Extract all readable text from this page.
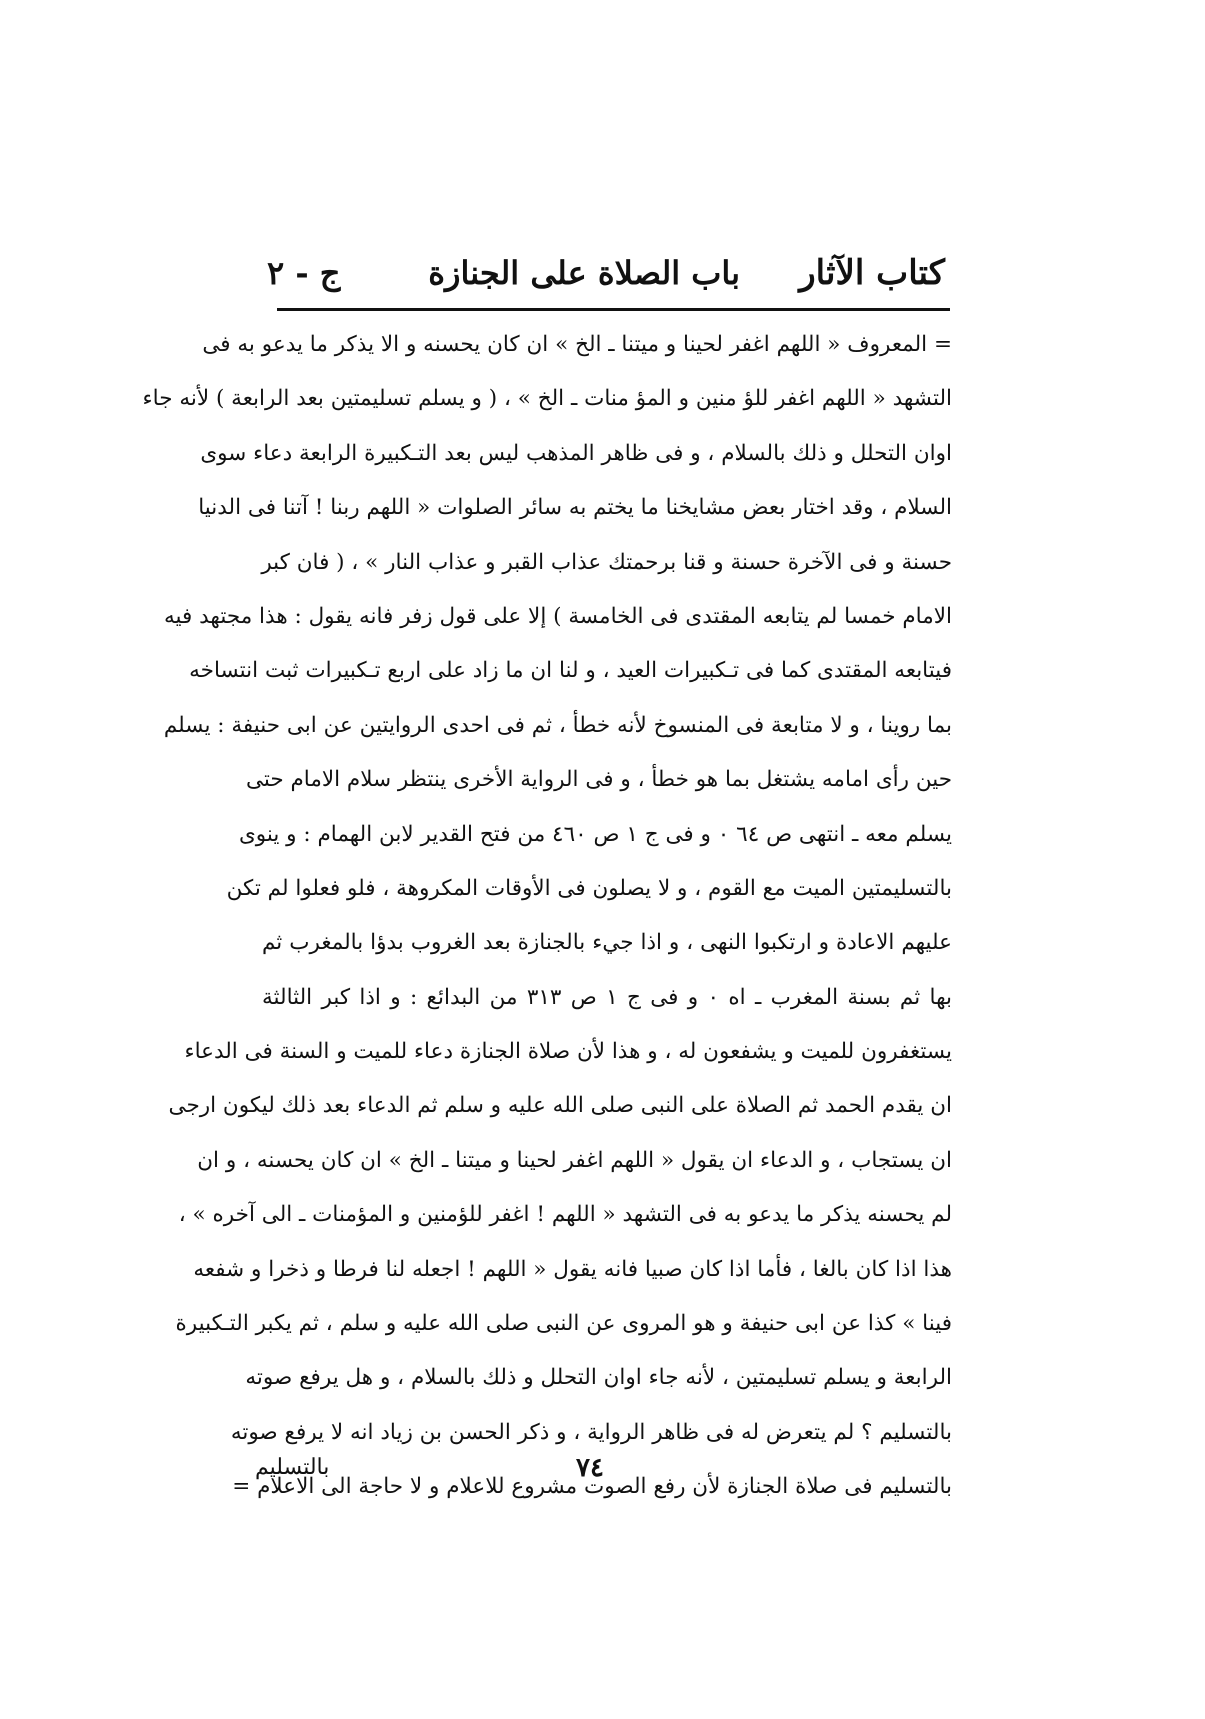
كتاب الآثار
باب الصلاة على الجنازة
ج - ٢
= المعروف « اللهم اغفر لحينا و ميتنا ـ الخ » ان كان يحسنه و الا يذكر ما يدعو به فى
التشهد « اللهم اغفر للؤ منين و المؤ منات ـ الخ » ، ( و يسلم تسليمتين بعد الرابعة ) لأنه جاء
اوان التحلل و ذلك بالسلام ، و فى ظاهر المذهب ليس بعد التـكبيرة الرابعة دعاء سوى
السلام ، وقد اختار بعض مشايخنا ما يختم به سائر الصلوات « اللهم ربنا ! آتنا فى الدنيا
حسنة و فى الآخرة حسنة و قنا برحمتك عذاب القبر و عذاب النار » ، ( فان كبر
الامام خمسا لم يتابعه المقتدى فى الخامسة ) إلا على قول زفر فانه يقول : هذا مجتهد فيه
فيتابعه المقتدى كما فى تـكبيرات العيد ، و لنا ان ما زاد على اربع تـكبيرات ثبت انتساخه
بما روينا ، و لا متابعة فى المنسوخ لأنه خطأ ، ثم فى احدى الروايتين عن ابى حنيفة : يسلم
حين رأى امامه يشتغل بما هو خطأ ، و فى الرواية الأخرى ينتظر سلام الامام حتى
يسلم معه ـ انتهى ص ٦٤ ٠ و فى ج ١ ص ٤٦٠ من فتح القدير لابن الهمام : و ينوى
بالتسليمتين الميت مع القوم ، و لا يصلون فى الأوقات المكروهة ، فلو فعلوا لم تكن
عليهم الاعادة و ارتكبوا النهى ، و اذا جيء بالجنازة بعد الغروب بدؤا بالمغرب ثم
بها ثم بسنة المغرب ـ اه ٠ و فى ج ١ ص ٣١٣ من البدائع : و اذا كبر الثالثة
يستغفرون للميت و يشفعون له ، و هذا لأن صلاة الجنازة دعاء للميت و السنة فى الدعاء
ان يقدم الحمد ثم الصلاة على النبى صلى الله عليه و سلم ثم الدعاء بعد ذلك ليكون ارجى
ان يستجاب ، و الدعاء ان يقول « اللهم اغفر لحينا و ميتنا ـ الخ » ان كان يحسنه ، و ان
لم يحسنه يذكر ما يدعو به فى التشهد « اللهم ! اغفر للؤمنين و المؤمنات ـ الى آخره » ،
هذا اذا كان بالغا ، فأما اذا كان صبيا فانه يقول « اللهم ! اجعله لنا فرطا و ذخرا و شفعه
فينا » كذا عن ابى حنيفة و هو المروى عن النبى صلى الله عليه و سلم ، ثم يكبر التـكبيرة
الرابعة و يسلم تسليمتين ، لأنه جاء اوان التحلل و ذلك بالسلام ، و هل يرفع صوته
بالتسليم ؟ لم يتعرض له فى ظاهر الرواية ، و ذكر الحسن بن زياد انه لا يرفع صوته
بالتسليم فى صلاة الجنازة لأن رفع الصوت مشروع للاعلام و لا حاجة الى الاعلام =
بالتسليم	٧٤
